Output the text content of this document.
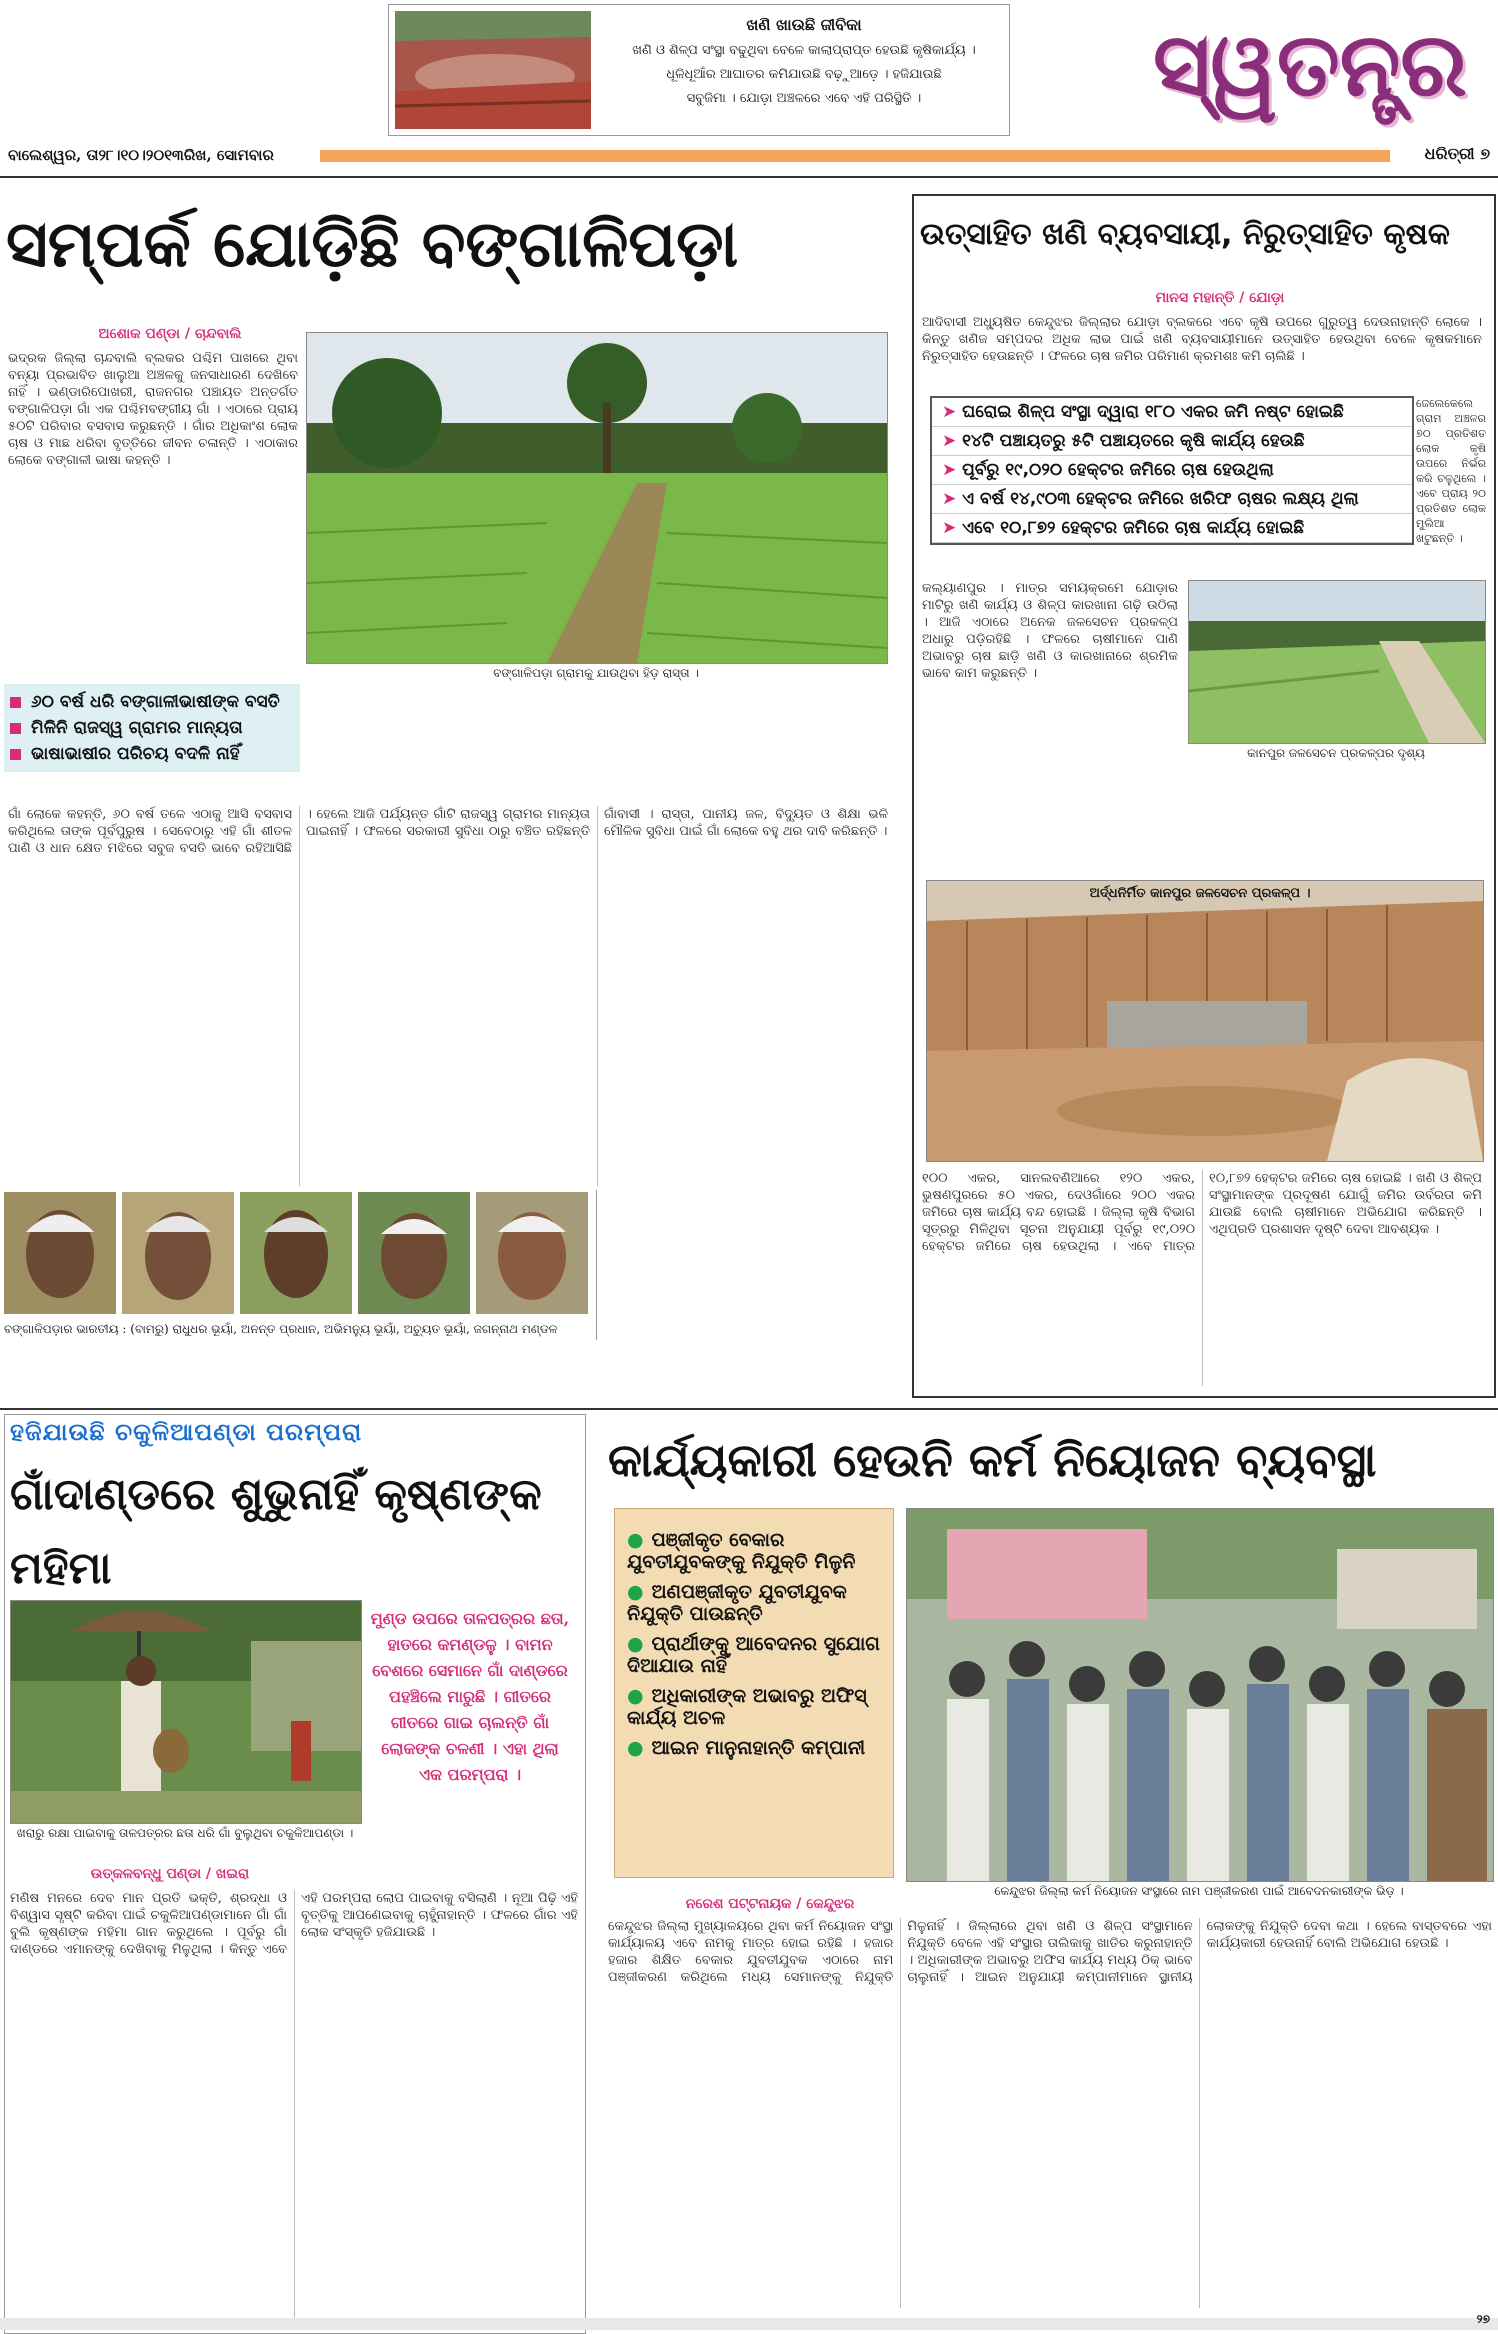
ଖଣି ଖାଉଛି ଜୀବିକା
ଖଣି ଓ ଶିଳ୍ପ ସଂସ୍ଥା ବଢୁଥିବା ବେଳେ କାଲାପ୍ରାପ୍ତ ହେଉଛି କୃଷିକାର୍ଯ୍ୟ ।
ଧୂଳିଧୂଆଁର ଆଘାତର କମିଯାଉଛି ବଢ଼ୁଆଡ଼େ । ହଜିଯାଉଛି
ସବୁଜିମା । ଯୋଡ଼ା ଅଞ୍ଚଳରେ ଏବେ ଏହି ପରିସ୍ଥିତି ।	ସ୍ୱତନ୍ତ୍ର
ବାଲେଶ୍ୱର, ତା୨୮।୧୦।୨୦୧୩ରିଖ, ସୋମବାର	ଧରିତ୍ରୀ ୭
ସମ୍ପର୍କ ଯୋଡ଼ିଛି ବଙ୍ଗାଳିପଡ଼ା
ଅଶୋକ ପଣ୍ଡା / ଚାନ୍ଦବାଲି
ଭଦ୍ରକ ଜିଲ୍ଲା ଚାନ୍ଦବାଲି ବ୍ଲକର ପଶ୍ଚିମ ପାଖରେ ଥିବା ବନ୍ୟା ପ୍ରଭାବିତ ଖାଲୁଆ ଅଞ୍ଚଳକୁ ଜନସାଧାରଣ ଦେଖିବେ ନାହିଁ । ଭଣ୍ଡାରିପୋଖରୀ, ରାଜନଗର ପଞ୍ଚାୟତ ଅନ୍ତର୍ଗତ ବଙ୍ଗାଳିପଡ଼ା ଗାଁ ଏକ ପଶ୍ଚିମବଙ୍ଗୀୟ ଗାଁ । ଏଠାରେ ପ୍ରାୟ ୫୦ଟି ପରିବାର ବସବାସ କରୁଛନ୍ତି । ଗାଁର ଅଧିକାଂଶ ଲୋକ ଚାଷ ଓ ମାଛ ଧରିବା ବୃତ୍ତିରେ ଜୀବନ ଚଳାନ୍ତି । ଏଠାକାର ଲୋକେ ବଙ୍ଗାଳୀ ଭାଷା କହନ୍ତି ।
ବଙ୍ଗାଳିପଡ଼ା ଗ୍ରାମକୁ ଯାଉଥିବା ହିଡ଼ ରାସ୍ତା ।
୬୦ ବର୍ଷ ଧରି ବଙ୍ଗାଳୀଭାଷୀଙ୍କ ବସତି
ମିଳିନି ରାଜସ୍ୱ ଗ୍ରାମର ମାନ୍ୟତା
ଭାଷାଭାଷୀର ପରିଚୟ ବଦଳି ନାହିଁ
ଗାଁ ଲୋକେ କହନ୍ତି, ୬୦ ବର୍ଷ ତଳେ ଏଠାକୁ ଆସି ବସବାସ କରିଥିଲେ ତାଙ୍କ ପୂର୍ବପୁରୁଷ । ସେବେଠାରୁ ଏହି ଗାଁ ଶୀତଳ ପାଣି ଓ ଧାନ କ୍ଷେତ ମଝିରେ ସବୁଜ ବସତି ଭାବେ ରହିଆସିଛି । ହେଲେ ଆଜି ପର୍ଯ୍ୟନ୍ତ ଗାଁଟି ରାଜସ୍ୱ ଗ୍ରାମର ମାନ୍ୟତା ପାଇନାହିଁ । ଫଳରେ ସରକାରୀ ସୁବିଧା ଠାରୁ ବଞ୍ଚିତ ରହିଛନ୍ତି ଗାଁବାସୀ । ରାସ୍ତା, ପାନୀୟ ଜଳ, ବିଦ୍ୟୁତ ଓ ଶିକ୍ଷା ଭଳି ମୌଳିକ ସୁବିଧା ପାଇଁ ଗାଁ ଲୋକେ ବହୁ ଥର ଦାବି କରିଛନ୍ତି ।
ବଙ୍ଗାଳିପଡ଼ାର ଭାରତୀୟ : (ବାମରୁ) ରାଧୁଧର ଭୂୟାଁ, ଅନନ୍ତ ପ୍ରଧାନ, ଅଭିମନ୍ୟୁ ଭୂୟାଁ, ଅଚ୍ୟୁତ ଭୂୟାଁ, ଜଗନ୍ନାଥ ମଣ୍ଡଳ
ଉତ୍ସାହିତ ଖଣି ବ୍ୟବସାୟୀ, ନିରୁତ୍ସାହିତ କୃଷକ
ମାନସ ମହାନ୍ତି / ଯୋଡ଼ା
ଆଦିବାସୀ ଅଧ୍ୟୁଷିତ କେନ୍ଦୁଝର ଜିଲ୍ଲାର ଯୋଡ଼ା ବ୍ଲକରେ ଏବେ କୃଷି ଉପରେ ଗୁରୁତ୍ୱ ଦେଉନାହାନ୍ତି ଲୋକେ । କିନ୍ତୁ ଖଣିଜ ସମ୍ପଦର ଅଧିକ ଲାଭ ପାଇଁ ଖଣି ବ୍ୟବସାୟୀମାନେ ଉତ୍ସାହିତ ହେଉଥିବା ବେଳେ କୃଷକମାନେ ନିରୁତ୍ସାହିତ ହେଉଛନ୍ତି । ଫଳରେ ଚାଷ ଜମିର ପରିମାଣ କ୍ରମଶଃ କମି ଚାଲିଛି ।
➤ ଘରୋଇ ଶିଳ୍ପ ସଂସ୍ଥା ଦ୍ୱାରା ୧୮୦ ଏକର ଜମି ନଷ୍ଟ ହୋଇଛି
➤ ୧୪ଟି ପଞ୍ଚାୟତରୁ ୫ଟି ପଞ୍ଚାୟତରେ କୃଷି କାର୍ଯ୍ୟ ହେଉଛି
➤ ପୂର୍ବରୁ ୧୯,୦୨୦ ହେକ୍ଟର ଜମିରେ ଚାଷ ହେଉଥିଲା
➤ ଏ ବର୍ଷ ୧୪,୯୦୩ ହେକ୍ଟର ଜମିରେ ଖରିଫ ଚାଷର ଲକ୍ଷ୍ୟ ଥିଲା
➤ ଏବେ ୧୦,୮୭୨ ହେକ୍ଟର ଜମିରେ ଚାଷ କାର୍ଯ୍ୟ ହୋଇଛି
ଜେଲେକେଲେ ଗ୍ରାମ ଅଞ୍ଚଳର ୭୦ ପ୍ରତିଶତ ଲୋକ କୃଷି ଉପରେ ନିର୍ଭର କରି ଚଳୁଥିଲେ । ଏବେ ପ୍ରାୟ ୨୦ ପ୍ରତିଶତ ଲୋକ ମୁଲିଆ ଖଟୁଛନ୍ତି ।
କଲ୍ୟାଣପୁର । ମାତ୍ର ସମୟକ୍ରମେ ଯୋଡ଼ାର ମାଟିରୁ ଖଣି କାର୍ଯ୍ୟ ଓ ଶିଳ୍ପ କାରଖାନା ଗଢ଼ି ଉଠିଲା । ଆଜି ଏଠାରେ ଅନେକ ଜଳସେଚନ ପ୍ରକଳ୍ପ ଅଧାରୁ ପଡ଼ିରହିଛି । ଫଳରେ ଚାଷୀମାନେ ପାଣି ଅଭାବରୁ ଚାଷ ଛାଡ଼ି ଖଣି ଓ କାରଖାନାରେ ଶ୍ରମିକ ଭାବେ କାମ କରୁଛନ୍ତି ।
କାନପୁର ଜଳସେଚନ ପ୍ରକଳ୍ପର ଦୃଶ୍ୟ
ଅର୍ଦ୍ଧନିର୍ମିତ କାନପୁର ଜଳସେଚନ ପ୍ରକଳ୍ପ ।
୧୦୦ ଏକର, ସାନଲବଣିଆରେ ୧୨୦ ଏକର, ଭୁଷଣପୁରରେ ୫୦ ଏକର, ଦେଓଗାଁରେ ୨୦୦ ଏକର ଜମିରେ ଚାଷ କାର୍ଯ୍ୟ ବନ୍ଦ ହୋଇଛି । ଜିଲ୍ଲା କୃଷି ବିଭାଗ ସୂତ୍ରରୁ ମିଳିଥିବା ସୂଚନା ଅନୁଯାୟୀ ପୂର୍ବରୁ ୧୯,୦୨୦ ହେକ୍ଟର ଜମିରେ ଚାଷ ହେଉଥିଲା । ଏବେ ମାତ୍ର ୧୦,୮୭୨ ହେକ୍ଟର ଜମିରେ ଚାଷ ହୋଇଛି । ଖଣି ଓ ଶିଳ୍ପ ସଂସ୍ଥାମାନଙ୍କ ପ୍ରଦୂଷଣ ଯୋଗୁଁ ଜମିର ଉର୍ବରତା କମି ଯାଉଛି ବୋଲି ଚାଷୀମାନେ ଅଭିଯୋଗ କରିଛନ୍ତି । ଏଥିପ୍ରତି ପ୍ରଶାସନ ଦୃଷ୍ଟି ଦେବା ଆବଶ୍ୟକ ।
ହଜିଯାଉଛି ଚକୁଳିଆପଣ୍ଡା ପରମ୍ପରା
ଗାଁଦାଣ୍ଡରେ ଶୁଭୁନାହିଁ କୃଷ୍ଣଙ୍କ ମହିମା
ମୁଣ୍ଡ ଉପରେ ତାଳପତ୍ରର ଛତା, ହାତରେ କମଣ୍ଡଳୁ । ବାମନ ବେଶରେ ସେମାନେ ଗାଁ ଦାଣ୍ଡରେ ପହଞ୍ଚିଲେ ମାରୁଛି । ଗୀତରେ ଗୀତରେ ଗାଇ ଚାଲନ୍ତି ଗାଁ ଲୋକଙ୍କ ଚଳଣୀ । ଏହା ଥିଲା ଏକ ପରମ୍ପରା ।
ଖରାରୁ ରକ୍ଷା ପାଇବାକୁ ତାଳପତ୍ରର ଛତା ଧରି ଗାଁ ବୁଲୁଥିବା ଚକୁଳିଆପଣ୍ଡା ।
ଉତ୍କଳବନ୍ଧୁ ପଣ୍ଡା / ଖଇରା
ମଣିଷ ମନରେ ଦେବ ମାନ ପ୍ରତି ଭକ୍ତି, ଶ୍ରଦ୍ଧା ଓ ବିଶ୍ୱାସ ସୃଷ୍ଟି କରିବା ପାଇଁ ଚକୁଳିଆପଣ୍ଡାମାନେ ଗାଁ ଗାଁ ବୁଲି କୃଷ୍ଣଙ୍କ ମହିମା ଗାନ କରୁଥିଲେ । ପୂର୍ବରୁ ଗାଁ ଦାଣ୍ଡରେ ଏମାନଙ୍କୁ ଦେଖିବାକୁ ମିଳୁଥିଲା । କିନ୍ତୁ ଏବେ ଏହି ପରମ୍ପରା ଲୋପ ପାଇବାକୁ ବସିଲାଣି । ନୂଆ ପିଢ଼ି ଏହି ବୃତ୍ତିକୁ ଆପଣେଇବାକୁ ଚାହୁଁନାହାନ୍ତି । ଫଳରେ ଗାଁର ଏହି ଲୋକ ସଂସ୍କୃତି ହଜିଯାଉଛି ।
କାର୍ଯ୍ୟକାରୀ ହେଉନି କର୍ମ ନିୟୋଜନ ବ୍ୟବସ୍ଥା
● ପଞ୍ଜୀକୃତ ବେକାର ଯୁବତୀଯୁବକଙ୍କୁ ନିଯୁକ୍ତି ମିଳୁନି
● ଅଣପଞ୍ଜୀକୃତ ଯୁବତୀଯୁବକ ନିଯୁକ୍ତି ପାଉଛନ୍ତି
● ପ୍ରାର୍ଥୀଙ୍କୁ ଆବେଦନର ସୁଯୋଗ ଦିଆଯାଉ ନାହିଁ
● ଅଧିକାରୀଙ୍କ ଅଭାବରୁ ଅଫିସ୍ କାର୍ଯ୍ୟ ଅଚଳ
● ଆଇନ ମାନୁନାହାନ୍ତି କମ୍ପାନୀ
କେନ୍ଦୁଝର ଜିଲ୍ଲା କର୍ମ ନିୟୋଜନ ସଂସ୍ଥାରେ ନାମ ପଞ୍ଜୀକରଣ ପାଇଁ ଆବେଦନକାରୀଙ୍କ ଭିଡ଼ ।
ନରେଶ ପଟ୍ଟନାୟକ / କେନ୍ଦୁଝର
କେନ୍ଦୁଝର ଜିଲ୍ଲା ମୁଖ୍ୟାଳୟରେ ଥିବା କର୍ମ ନିୟୋଜନ ସଂସ୍ଥା କାର୍ଯ୍ୟାଳୟ ଏବେ ନାମକୁ ମାତ୍ର ହୋଇ ରହିଛି । ହଜାର ହଜାର ଶିକ୍ଷିତ ବେକାର ଯୁବତୀଯୁବକ ଏଠାରେ ନାମ ପଞ୍ଜୀକରଣ କରିଥିଲେ ମଧ୍ୟ ସେମାନଙ୍କୁ ନିଯୁକ୍ତି ମିଳୁନାହିଁ । ଜିଲ୍ଲାରେ ଥିବା ଖଣି ଓ ଶିଳ୍ପ ସଂସ୍ଥାମାନେ ନିଯୁକ୍ତି ବେଳେ ଏହି ସଂସ୍ଥାର ତାଲିକାକୁ ଖାତିର କରୁନାହାନ୍ତି । ଅଧିକାରୀଙ୍କ ଅଭାବରୁ ଅଫିସ କାର୍ଯ୍ୟ ମଧ୍ୟ ଠିକ୍ ଭାବେ ଚାଲୁନାହିଁ । ଆଇନ ଅନୁଯାୟୀ କମ୍ପାନୀମାନେ ସ୍ଥାନୀୟ ଲୋକଙ୍କୁ ନିଯୁକ୍ତି ଦେବା କଥା । ହେଲେ ବାସ୍ତବରେ ଏହା କାର୍ଯ୍ୟକାରୀ ହେଉନାହିଁ ବୋଲି ଅଭିଯୋଗ ହେଉଛି ।
୨୭
